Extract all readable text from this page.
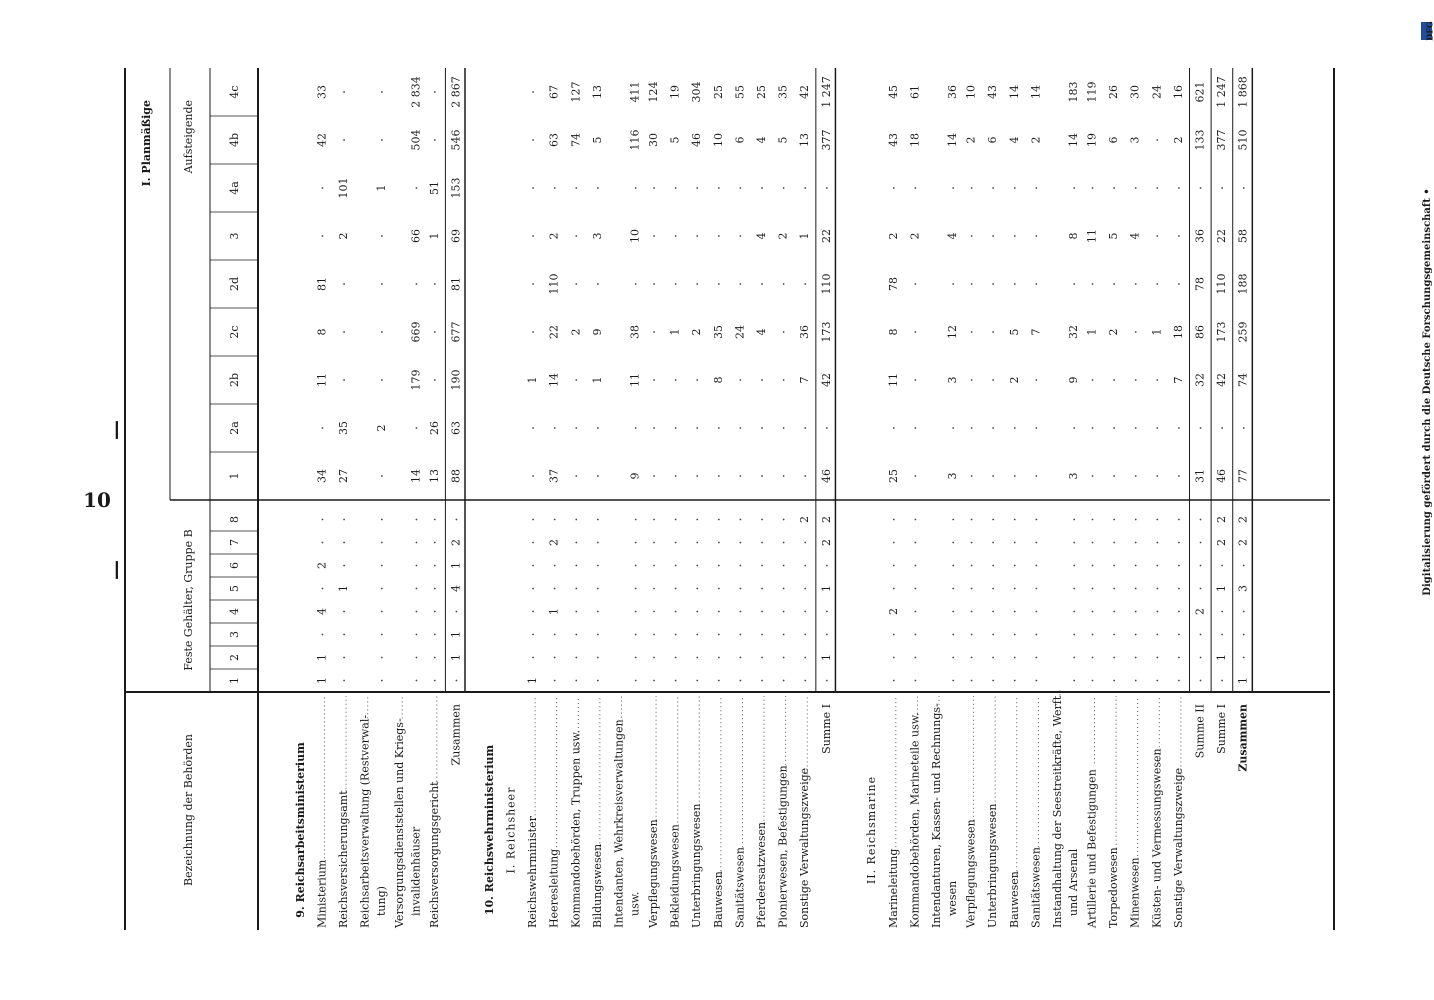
Digitalisierung gefördert durch die Deutsche Forschungsgemeinschaft •
DFG
—
10
—
Bezeichnung der Behörden
Feste Gehälter, Gruppe B
I. Planmäßige	Aufsteigende
1
2
3
4
5
6
7
8
1
2a
2b
2c
2d
3
4a
4b
4c
9. Reichsarbeitsministerium Ministerium
1
1
4
2
34
11
8
81
42
33
Reichsversicherungsamt
1
27
35
2
101
Reichsarbeitsverwaltung (Restverwal- tung)
2
1
Versorgungsdienststellen und Kriegs- invalidenhäuser
14
179
669
66
504
2 834
Reichsversorgungsgericht
13
26
1
51
Zusammen
1
1
4
1
2
88
63
190
677
81
69
153
546
2 867
10. Reichswehrministerium I. Reichsheer Reichswehrminister
1
1
Heeresleitung
1
2
37
14
22
110
2
63
67
Kommandobehörden, Truppen usw.
2
74
127
Bildungswesen
1
9
3
5
13
Intendanten, Wehrkreisverwaltungen usw.
9
11
38
10
116
411
Verpflegungswesen
30
124
Bekleidungswesen
1
5
19
Unterbringungswesen
2
46
304
Bauwesen
8
35
10
25
Sanitätswesen
24
6
55
Pferdeersatzwesen
4
4
4
25
Pionierwesen, Befestigungen
2
5
35
Sonstige Verwaltungszweige
2
7
36
1
13
42
Summe I
1
1
2
2
46
42
173
110
22
377
1 247
II. Reichsmarine
Marineleitung
2
25
11
8
78
2
43
45
Kommandobehörden, Marineteile usw.
2
18
61
Intendanturen, Kassen- und Rechnungs- wesen
3
3
12
4
14
36
Verpflegungswesen
2
10
Unterbringungswesen
6
43
Bauwesen
2
5
4
14
Sanitätswesen
7
2
14
Instandhaltung der Seestreitkräfte, Werft und Arsenal
3
9
32
8
14
183
Artillerie und Befestigungen
1
11
19
119
Torpedowesen
2
5
6
26
Minenwesen
4
3
30
Küsten- und Vermessungswesen
1
24
Sonstige Verwaltungszweige
7
18
2
16
Summe II
2
31
32
86
78
36
133
621
Summe I
1
1
2
2
46
42
173
110
22
377
1 247
Zusammen
1
3
2
2
77
74
259
188
58
510
1 868
